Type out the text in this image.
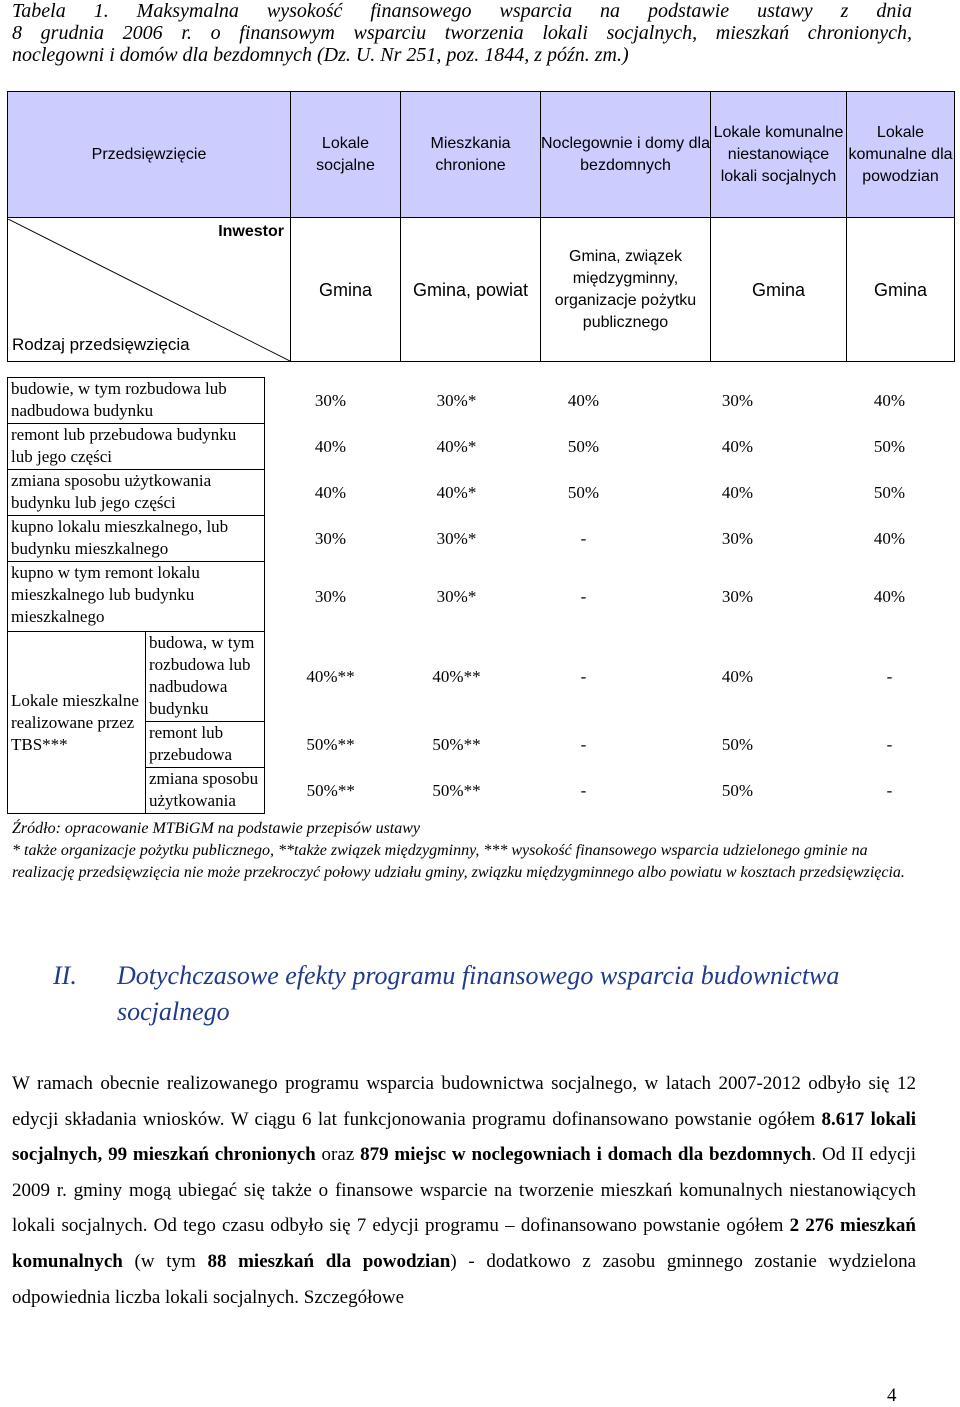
Tabela 1. Maksymalna wysokość finansowego wsparcia na podstawie ustawy z dnia
8 grudnia 2006 r. o finansowym wsparciu tworzenia lokali socjalnych, mieszkań chronionych,
noclegowni i domów dla bezdomnych (Dz. U. Nr 251, poz. 1844, z późn. zm.)
Przedsięwzięcie	Lokale socjalne	Mieszkania chronione	Noclegownie i domy dla bezdomnych	Lokale komunalne niestanowiące lokali socjalnych	Lokale komunalne dla powodzian

Inwestor
Rodzaj przedsięwzięcia	Gmina	Gmina, powiat	Gmina, związek międzygminny, organizacje pożytku publicznego	Gmina	Gmina
budowie, w tym rozbudowa lub nadbudowa budynku		30%	30%*	40%	30%	40%
remont lub przebudowa budynku lub jego części		40%	40%*	50%	40%	50%
zmiana sposobu użytkowania budynku lub jego części		40%	40%*	50%	40%	50%
kupno lokalu mieszkalnego, lub budynku mieszkalnego		30%	30%*	-	30%	40%
kupno w tym remont lokalu mieszkalnego lub budynku mieszkalnego		30%	30%*	-	30%	40%
Lokale mieszkalne realizowane przez TBS***	budowa, w tym rozbudowa lub nadbudowa budynku	40%**	40%**	-	40%	-
	remont lub przebudowa	50%**	50%**	-	50%	-
	zmiana sposobu użytkowania	50%**	50%**	-	50%	-
Źródło: opracowanie MTBiGM na podstawie przepisów ustawy
* także organizacje pożytku publicznego, **także związek międzygminny, *** wysokość finansowego wsparcia udzielonego gminie na realizację przedsięwzięcia nie może przekroczyć połowy udziału gminy, związku międzygminnego albo powiatu w kosztach przedsięwzięcia.
II. Dotychczasowe efekty programu finansowego wsparcia budownictwa socjalnego
W ramach obecnie realizowanego programu wsparcia budownictwa socjalnego, w latach 2007-2012 odbyło się 12 edycji składania wniosków. W ciągu 6 lat funkcjonowania programu dofinansowano powstanie ogółem 8.617 lokali socjalnych, 99 mieszkań chronionych oraz 879 miejsc w noclegowniach i domach dla bezdomnych. Od II edycji 2009 r. gminy mogą ubiegać się także o finansowe wsparcie na tworzenie mieszkań komunalnych niestanowiących lokali socjalnych. Od tego czasu odbyło się 7 edycji programu – dofinansowano powstanie ogółem 2 276 mieszkań komunalnych (w tym 88 mieszkań dla powodzian) - dodatkowo z zasobu gminnego zostanie wydzielona odpowiednia liczba lokali socjalnych. Szczegółowe
4
